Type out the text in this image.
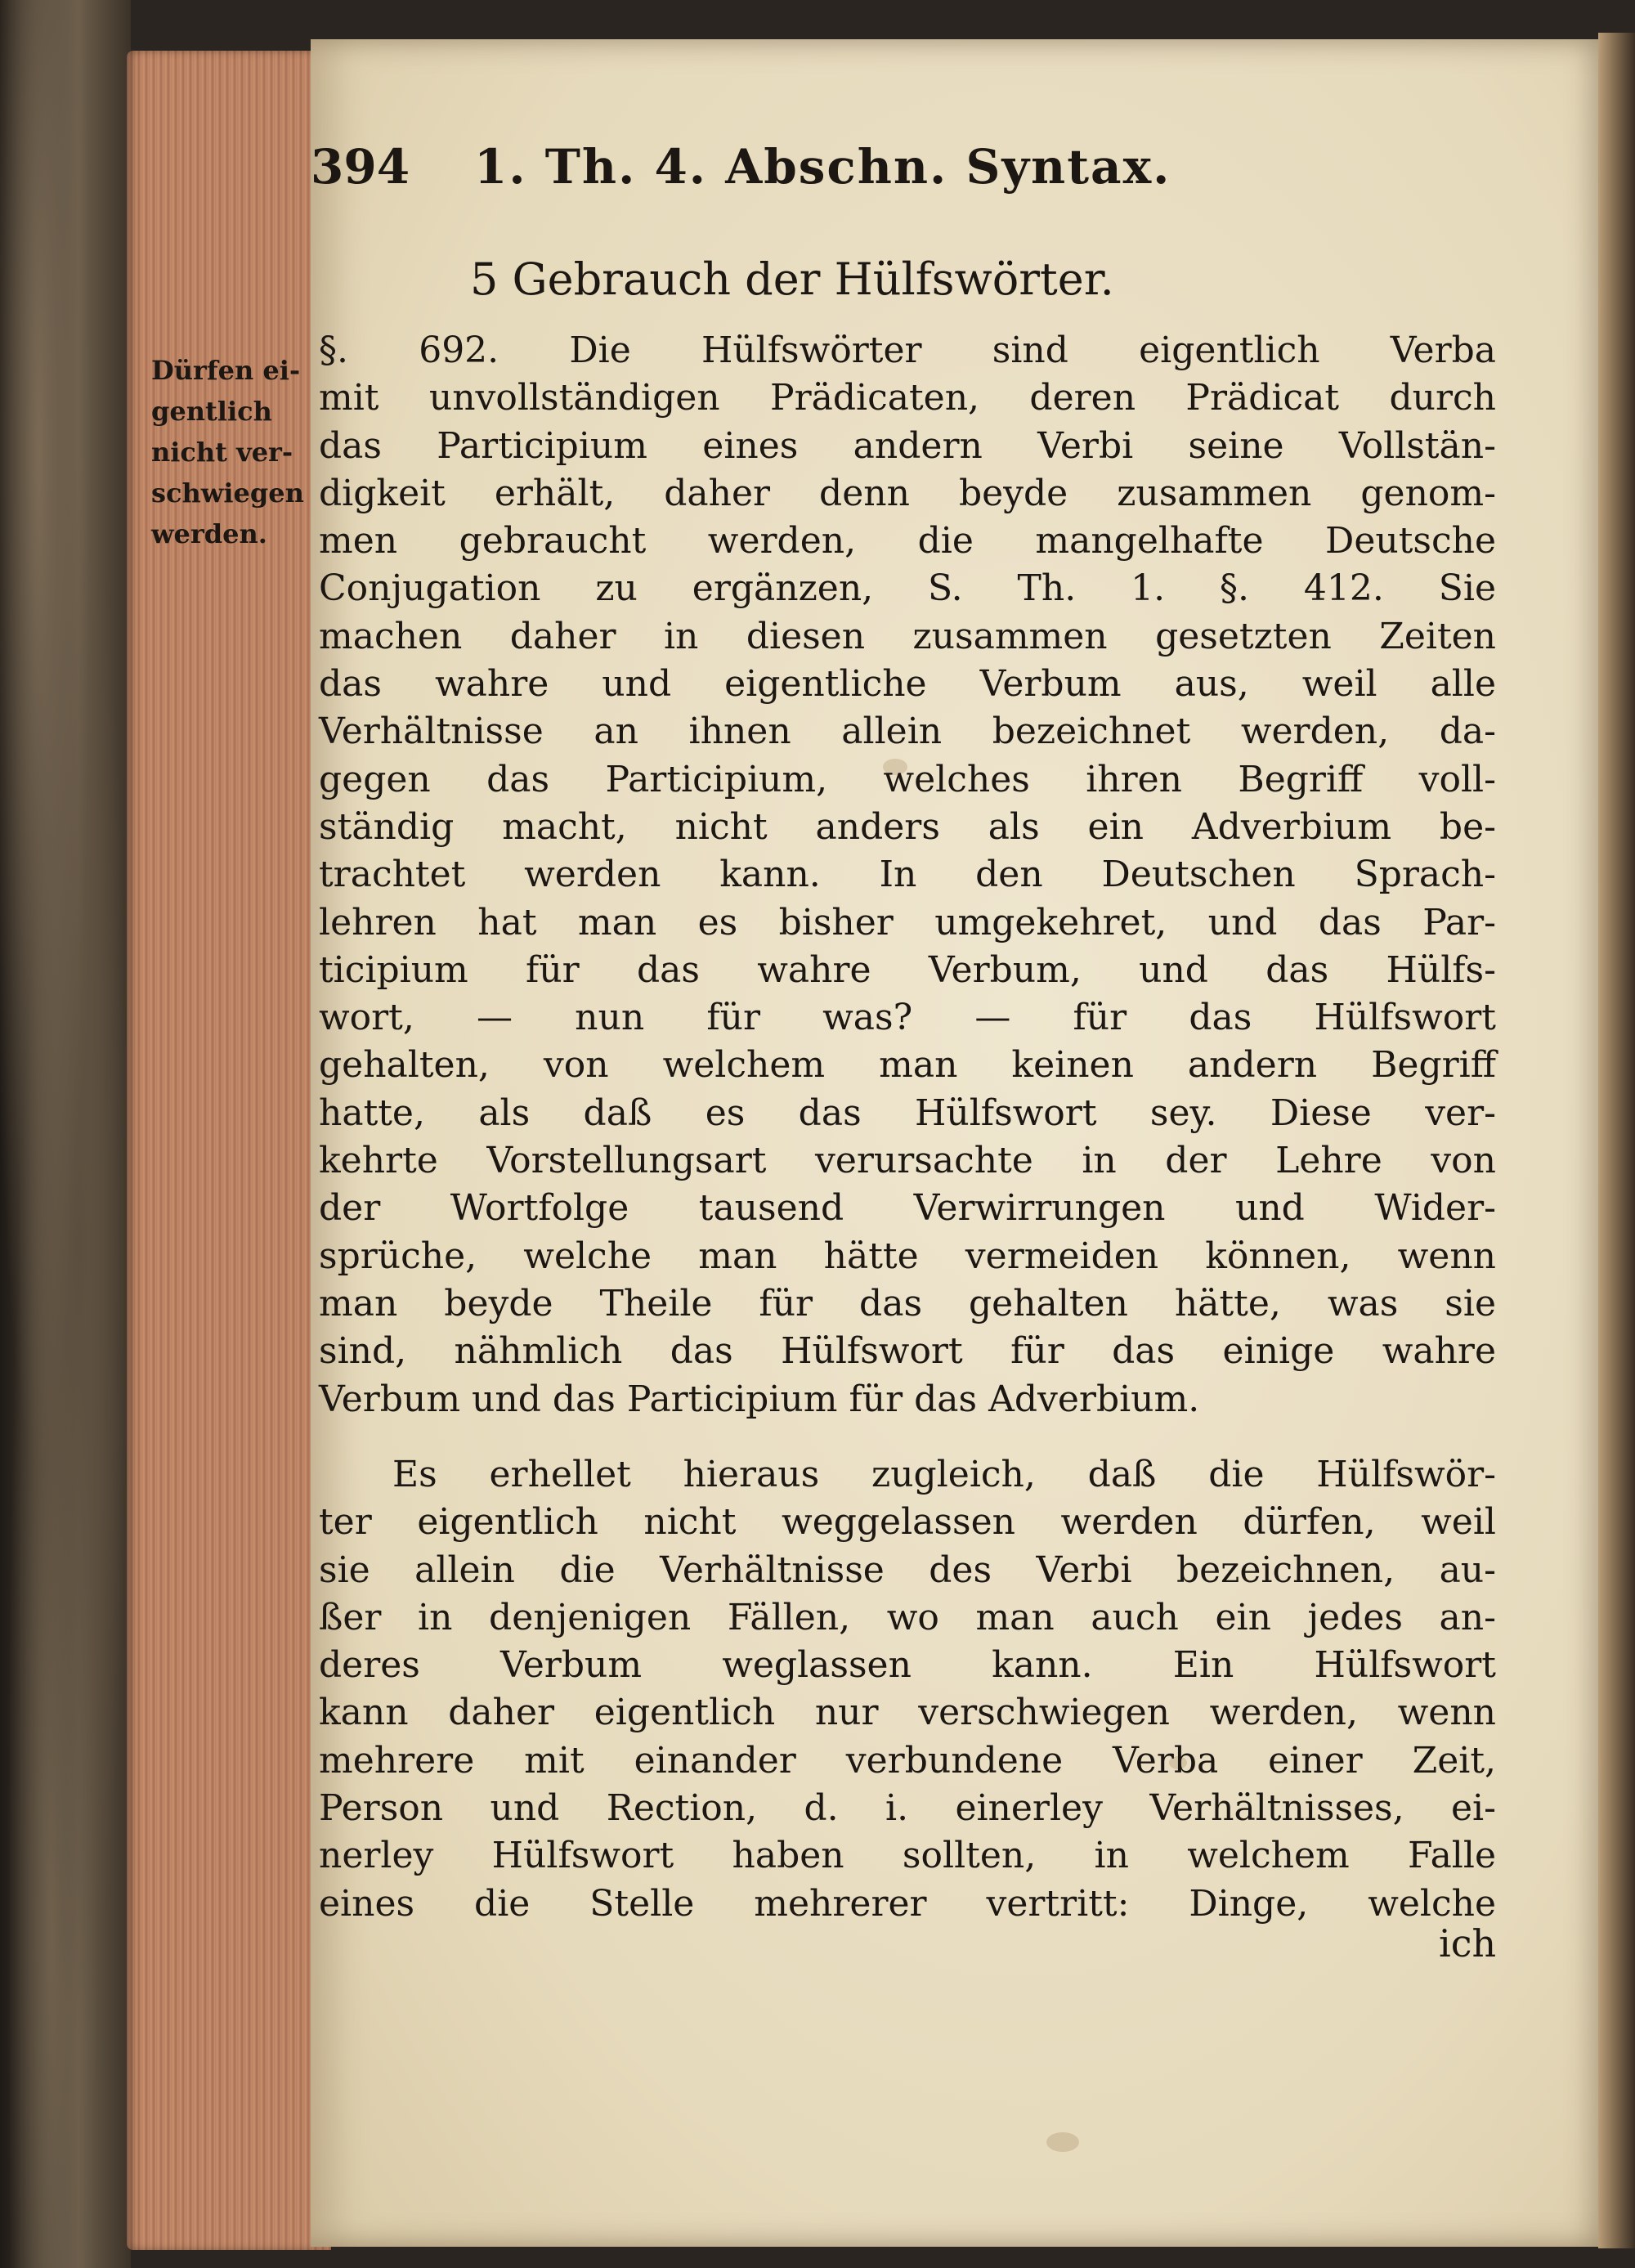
394 1. Th. 4. Abschn. Syntax.
5 Gebrauch der Hülfswörter.
Dürfen ei-
gentlich
nicht ver-
schwiegen
werden.
§. 692. Die Hülfswörter sind eigentlich Verba
mit unvollständigen Prädicaten, deren Prädicat durch
das Participium eines andern Verbi seine Vollstän-
digkeit erhält, daher denn beyde zusammen genom-
men gebraucht werden, die mangelhafte Deutsche
Conjugation zu ergänzen, S. Th. 1. §. 412. Sie
machen daher in diesen zusammen gesetzten Zeiten
das wahre und eigentliche Verbum aus, weil alle
Verhältnisse an ihnen allein bezeichnet werden, da-
gegen das Participium, welches ihren Begriff voll-
ständig macht, nicht anders als ein Adverbium be-
trachtet werden kann. In den Deutschen Sprach-
lehren hat man es bisher umgekehret, und das Par-
ticipium für das wahre Verbum, und das Hülfs-
wort, — nun für was? — für das Hülfswort
gehalten, von welchem man keinen andern Begriff
hatte, als daß es das Hülfswort sey. Diese ver-
kehrte Vorstellungsart verursachte in der Lehre von
der Wortfolge tausend Verwirrungen und Wider-
sprüche, welche man hätte vermeiden können, wenn
man beyde Theile für das gehalten hätte, was sie
sind, nähmlich das Hülfswort für das einige wahre
Verbum und das Participium für das Adverbium.
Es erhellet hieraus zugleich, daß die Hülfswör-
ter eigentlich nicht weggelassen werden dürfen, weil
sie allein die Verhältnisse des Verbi bezeichnen, au-
ßer in denjenigen Fällen, wo man auch ein jedes an-
deres Verbum weglassen kann. Ein Hülfswort
kann daher eigentlich nur verschwiegen werden, wenn
mehrere mit einander verbundene Verba einer Zeit,
Person und Rection, d. i. einerley Verhältnisses, ei-
nerley Hülfswort haben sollten, in welchem Falle
eines die Stelle mehrerer vertritt: Dinge, welche
ich
